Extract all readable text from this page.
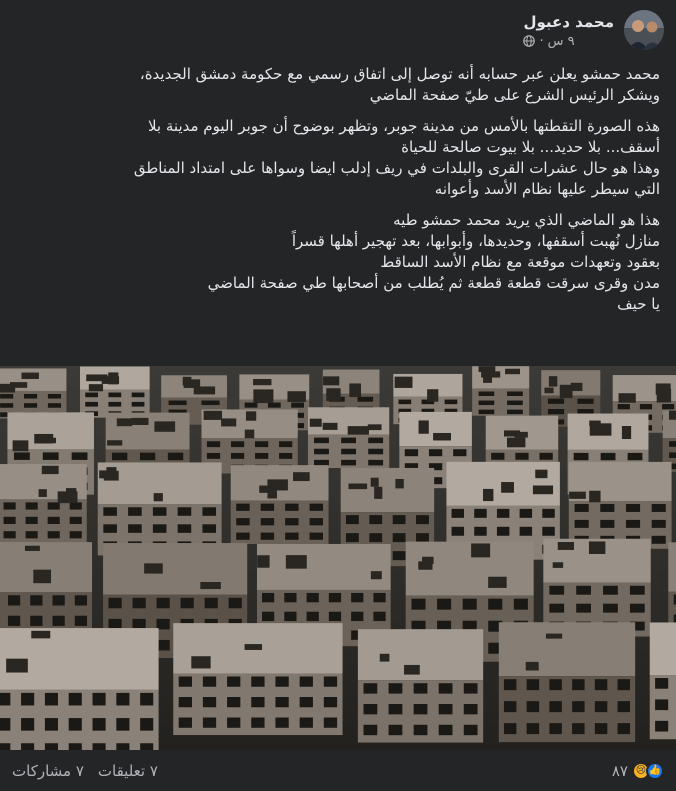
محمد دعبول
٩ س
·

محمد حمشو يعلن عبر حسابه أنه توصل إلى اتفاق رسمي مع حكومة دمشق الجديدة،
ويشكر الرئيس الشرع على طيّ صفحة الماضي

هذه الصورة التقطتها بالأمس من مدينة جوبر، وتظهر بوضوح أن جوبر اليوم مدينة بلا
أسقف... بلا حديد... بلا بيوت صالحة للحياة
وهذا هو حال عشرات القرى والبلدات في ريف إدلب ايضا وسواها على امتداد المناطق
التي سيطر عليها نظام الأسد وأعوانه

هذا هو الماضي الذي يريد محمد حمشو طيه
منازل نُهبت أسقفها، وحديدها، وأبوابها، بعد تهجير أهلها قسراً
بعقود وتعهدات موقعة مع نظام الأسد الساقط
مدن وقرى سرقت قطعة قطعة ثم يُطلب من أصحابها طي صفحة الماضي
يا حيف

٧ تعليقات
٧ مشاركات	😢 👍
٨٧
